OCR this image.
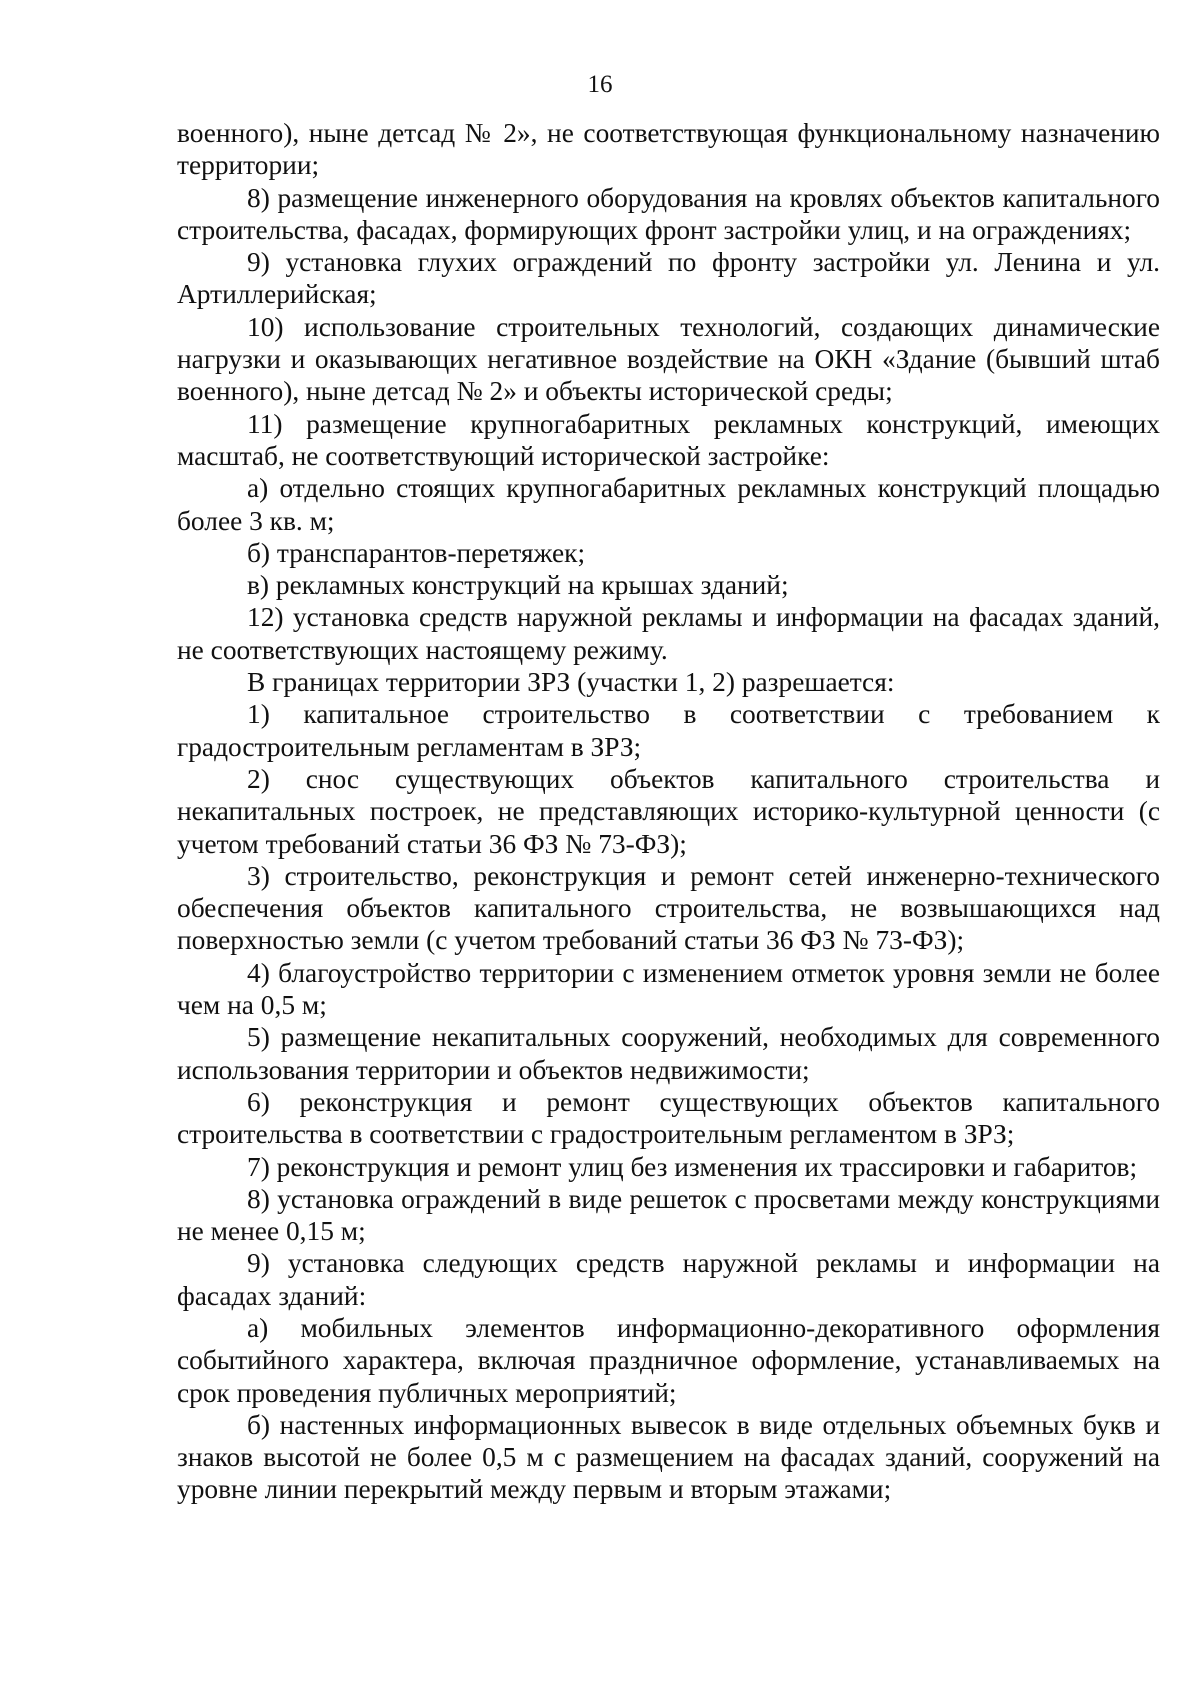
16

военного), ныне детсад № 2», не соответствующая функциональному назначению территории;

8) размещение инженерного оборудования на кровлях объектов капитального строительства, фасадах, формирующих фронт застройки улиц, и на ограждениях;

9) установка глухих ограждений по фронту застройки ул. Ленина и ул. Артиллерийская;

10) использование строительных технологий, создающих динамические нагрузки и оказывающих негативное воздействие на ОКН «Здание (бывший штаб военного), ныне детсад № 2» и объекты исторической среды;

11) размещение крупногабаритных рекламных конструкций, имеющих масштаб, не соответствующий исторической застройке:

а) отдельно стоящих крупногабаритных рекламных конструкций площадью более 3 кв. м;

б) транспарантов-перетяжек;

в) рекламных конструкций на крышах зданий;

12) установка средств наружной рекламы и информации на фасадах зданий, не соответствующих настоящему режиму.

В границах территории ЗРЗ (участки 1, 2) разрешается:

1) капитальное строительство в соответствии с требованием к градостроительным регламентам в ЗРЗ;

2) снос существующих объектов капитального строительства и некапитальных построек, не представляющих историко-культурной ценности (с учетом требований статьи 36 ФЗ № 73-ФЗ);

3) строительство, реконструкция и ремонт сетей инженерно-технического обеспечения объектов капитального строительства, не возвышающихся над поверхностью земли (с учетом требований статьи 36 ФЗ № 73-ФЗ);

4) благоустройство территории с изменением отметок уровня земли не более чем на 0,5 м;

5) размещение некапитальных сооружений, необходимых для современного использования территории и объектов недвижимости;

6) реконструкция и ремонт существующих объектов капитального строительства в соответствии с градостроительным регламентом в ЗРЗ;

7) реконструкция и ремонт улиц без изменения их трассировки и габаритов;

8) установка ограждений в виде решеток с просветами между конструкциями не менее 0,15 м;

9) установка следующих средств наружной рекламы и информации на фасадах зданий:

а) мобильных элементов информационно-декоративного оформления событийного характера, включая праздничное оформление, устанавливаемых на срок проведения публичных мероприятий;

б) настенных информационных вывесок в виде отдельных объемных букв и знаков высотой не более 0,5 м с размещением на фасадах зданий, сооружений на уровне линии перекрытий между первым и вторым этажами;
